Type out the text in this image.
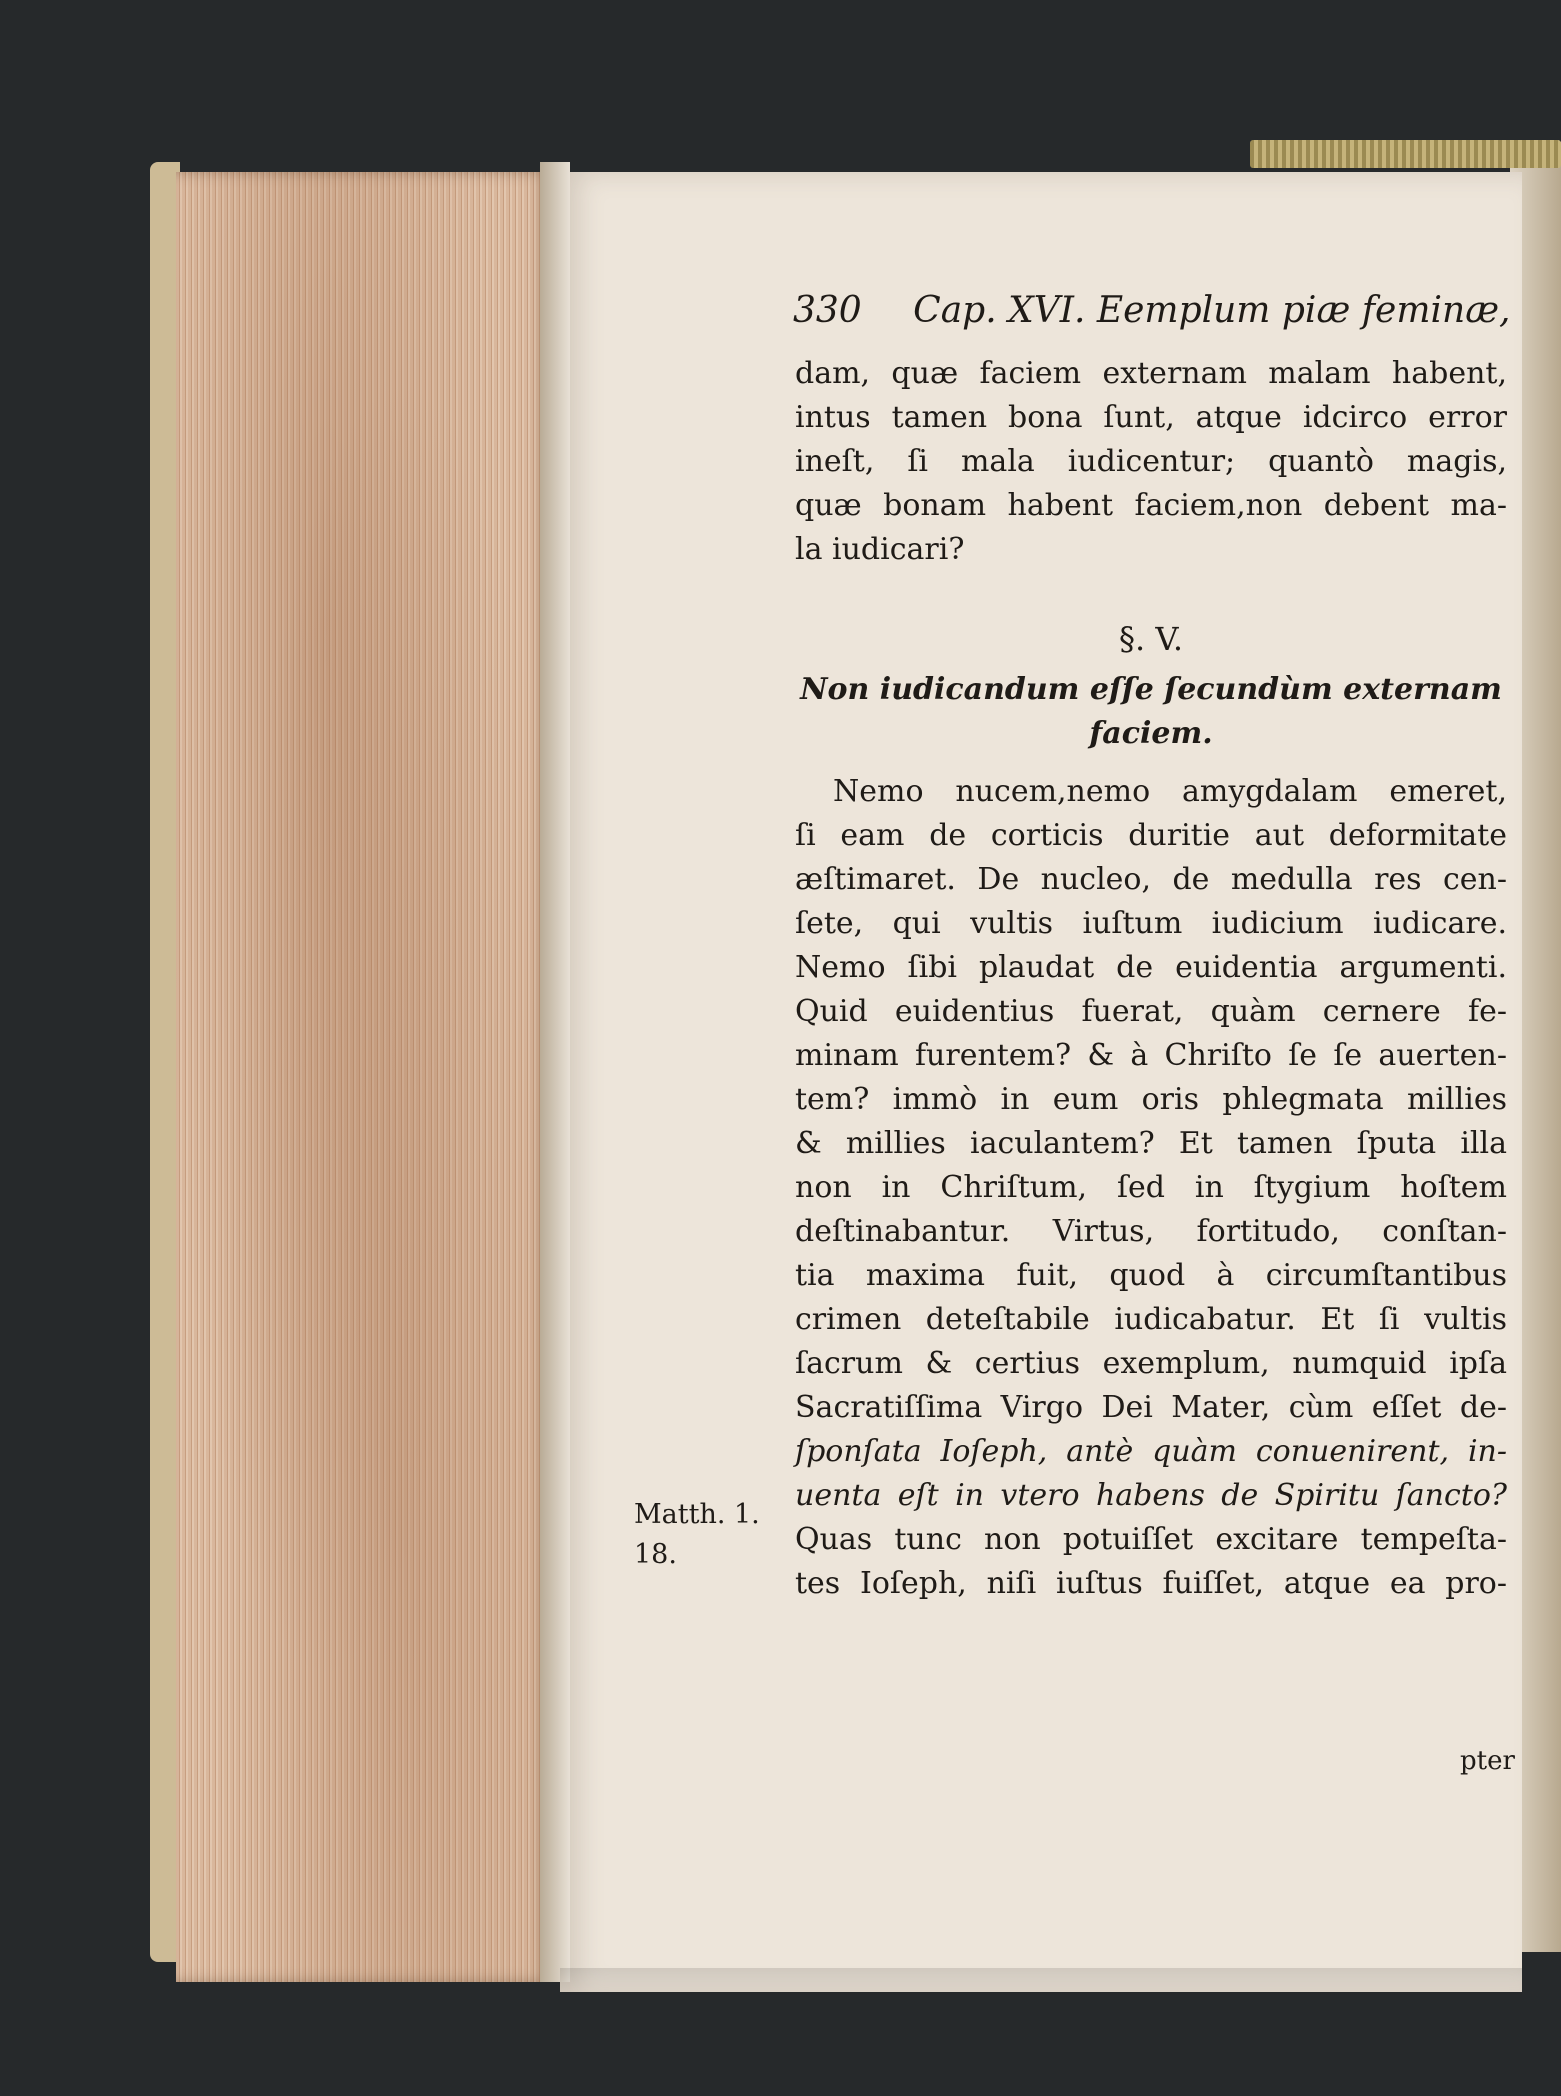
330 Cap. XVI. Eemplum piæ feminæ,
dam, quæ faciem externam malam habent,
intus tamen bona ſunt, atque idcirco error
ineſt, ſi mala iudicentur; quantò magis,
quæ bonam habent faciem,non debent ma-
la iudicari?
§. V.
Non iudicandum eſſe ſecundùm externam
faciem.
Nemo nucem,nemo amygdalam emeret,
ſi eam de corticis duritie aut deformitate
æſtimaret. De nucleo, de medulla res cen-
ſete, qui vultis iuſtum iudicium iudicare.
Nemo ſibi plaudat de euidentia argumenti.
Quid euidentius fuerat, quàm cernere fe-
minam furentem? & à Chriſto ſe ſe auerten-
tem? immò in eum oris phlegmata millies
& millies iaculantem? Et tamen ſputa illa
non in Chriſtum, ſed in ſtygium hoſtem
deſtinabantur. Virtus, fortitudo, conſtan-
tia maxima fuit, quod à circumſtantibus
crimen deteſtabile iudicabatur. Et ſi vultis
ſacrum & certius exemplum, numquid ipſa
Sacratiſſima Virgo Dei Mater, cùm eſſet de-
ſponſata Ioſeph, antè quàm conuenirent, in-
uenta eſt in vtero habens de Spiritu ſancto?
Quas tunc non potuiſſet excitare tempeſta-
tes Ioſeph, niſi iuſtus fuiſſet, atque ea pro-
Matth. 1.
18.
pter
